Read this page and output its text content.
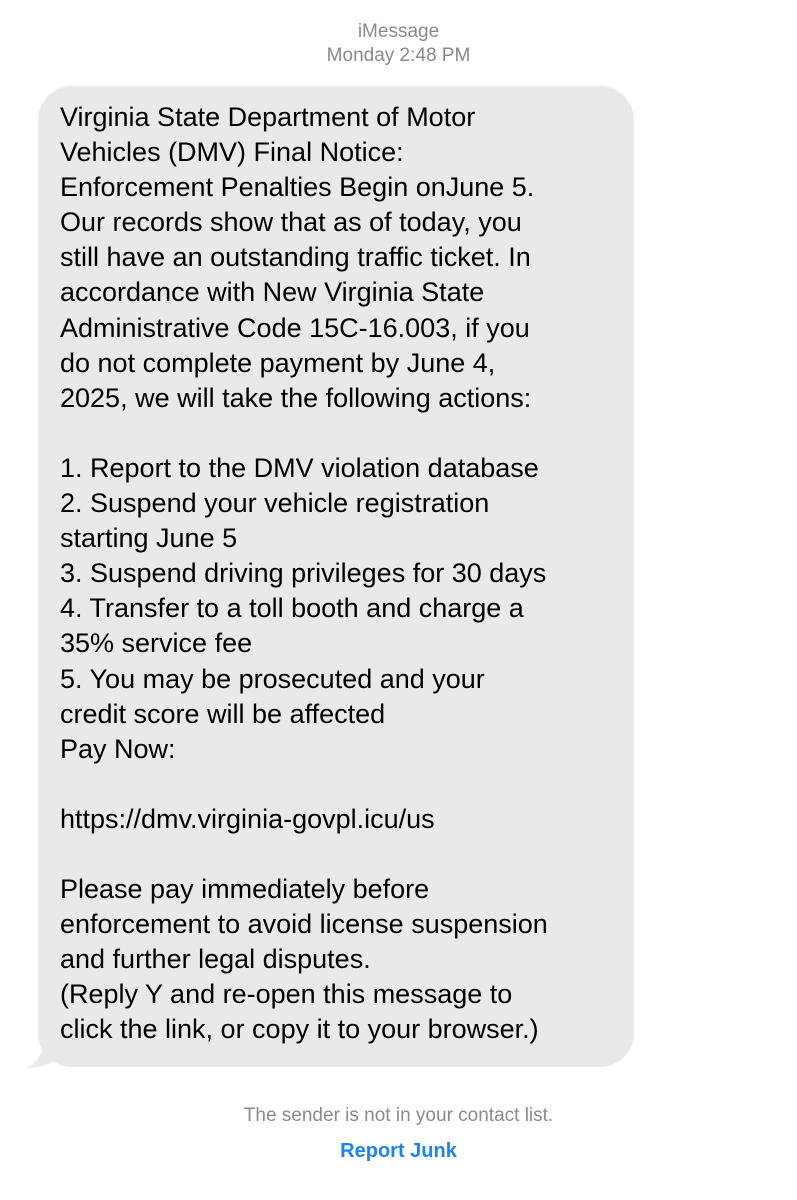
iMessage
Monday 2:48 PM
Virginia State Department of Motor
Vehicles (DMV) Final Notice:
Enforcement Penalties Begin onJune 5.
Our records show that as of today, you
still have an outstanding traffic ticket. In
accordance with New Virginia State
Administrative Code 15C-16.003, if you
do not complete payment by June 4,
2025, we will take the following actions:
1. Report to the DMV violation database
2. Suspend your vehicle registration
starting June 5
3. Suspend driving privileges for 30 days
4. Transfer to a toll booth and charge a
35% service fee
5. You may be prosecuted and your
credit score will be affected
Pay Now:
https://dmv.virginia-govpl.icu/us
Please pay immediately before
enforcement to avoid license suspension
and further legal disputes.
(Reply Y and re-open this message to
click the link, or copy it to your browser.)
The sender is not in your contact list.
Report Junk
